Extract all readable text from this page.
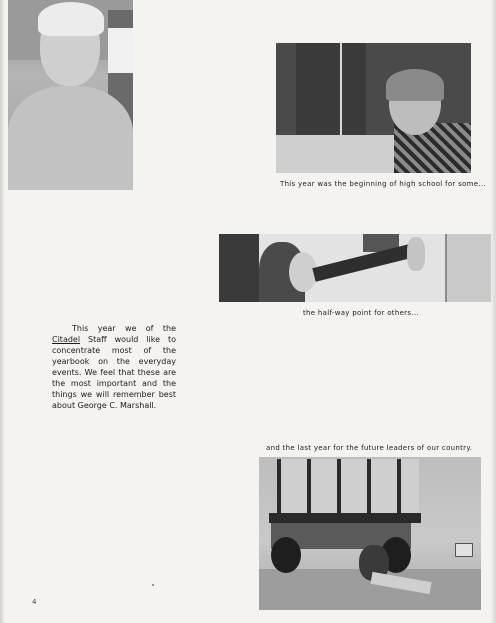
This year was the beginning of high school for some...
the half-way point for others...
This year we of the Citadel Staff would like to concentrate most of the yearbook on the everyday events. We feel that these are the most important and the things we will remember best about George C. Marshall.
and the last year for the future leaders of our country.
4
